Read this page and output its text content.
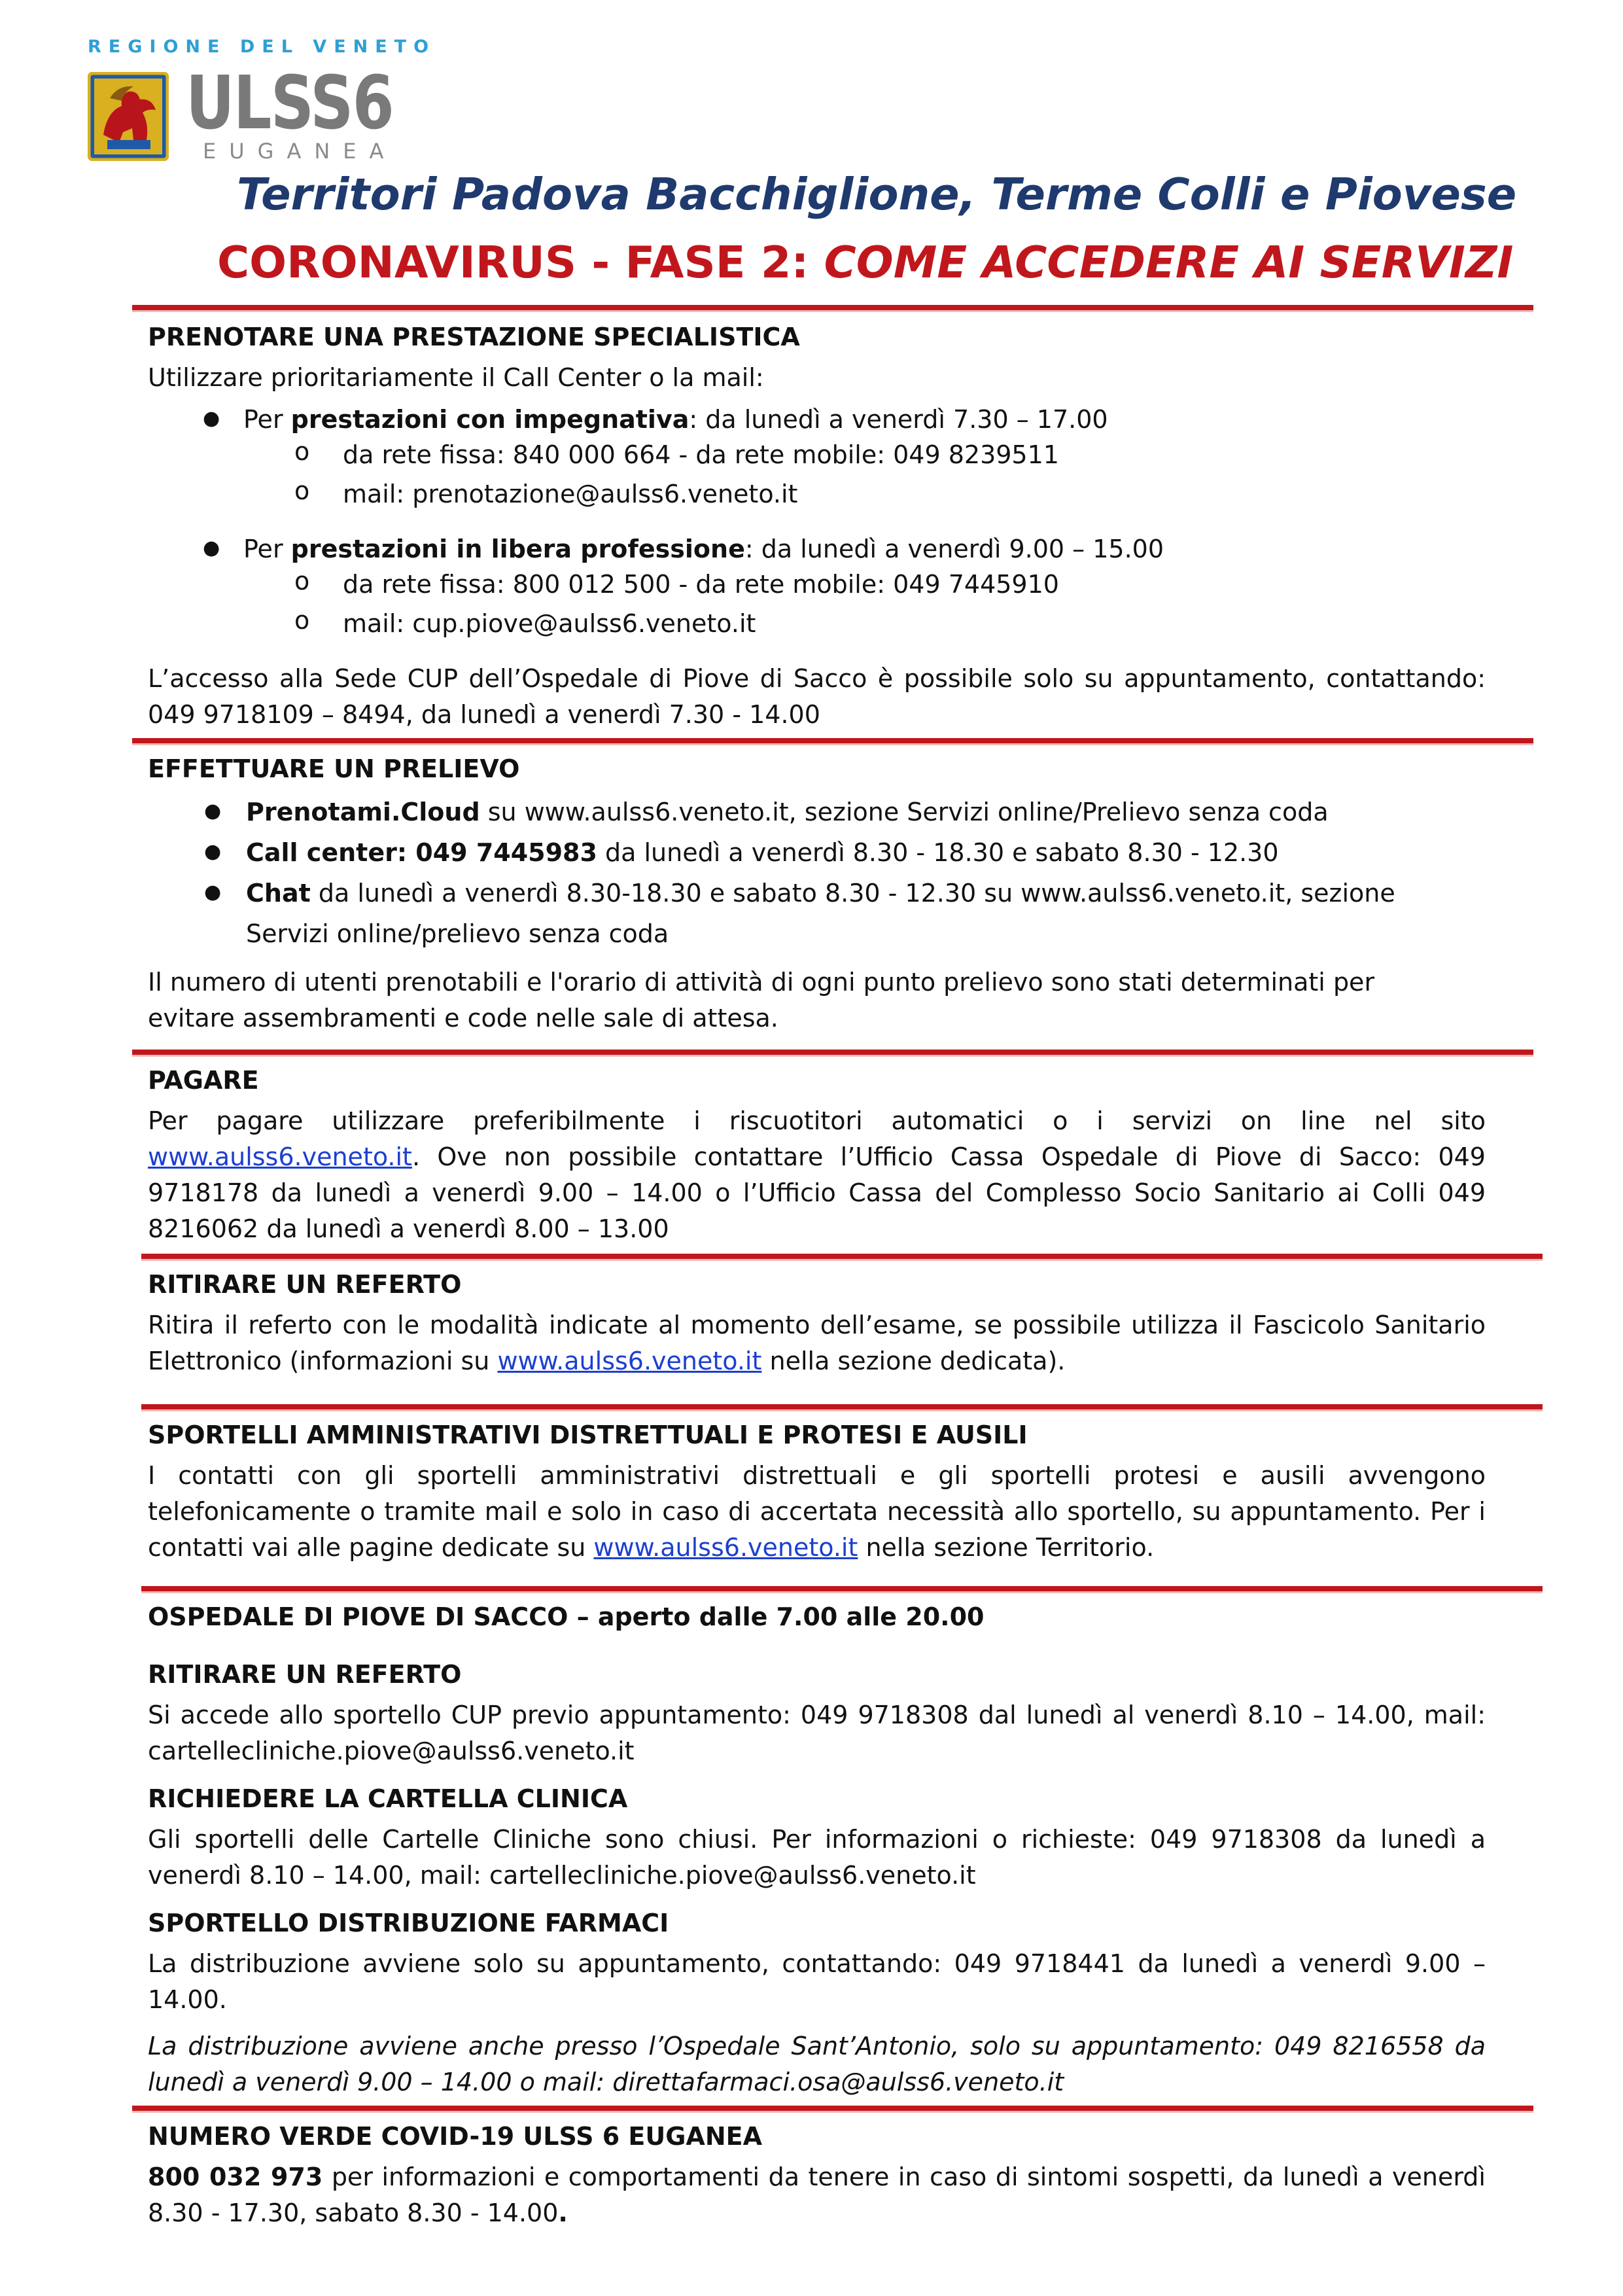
REGIONE DEL VENETO
ULSS6
EUGANEA
Territori Padova Bacchiglione, Terme Colli e Piovese
CORONAVIRUS - FASE 2: COME ACCEDERE AI SERVIZI
PRENOTARE UNA PRESTAZIONE SPECIALISTICA
Utilizzare prioritariamente il Call Center o la mail:
● Per prestazioni con impegnativa: da lunedì a venerdì 7.30 – 17.00
o da rete fissa: 840 000 664 - da rete mobile: 049 8239511
o mail: prenotazione@aulss6.veneto.it
● Per prestazioni in libera professione: da lunedì a venerdì 9.00 – 15.00
o da rete fissa: 800 012 500 - da rete mobile: 049 7445910
o mail: cup.piove@aulss6.veneto.it
L’accesso alla Sede CUP dell’Ospedale di Piove di Sacco è possibile solo su appuntamento, contattando: 049 9718109 – 8494, da lunedì a venerdì 7.30 - 14.00
EFFETTUARE UN PRELIEVO
● Prenotami.Cloud su www.aulss6.veneto.it, sezione Servizi online/Prelievo senza coda
● Call center: 049 7445983 da lunedì a venerdì 8.30 - 18.30 e sabato 8.30 - 12.30
● Chat da lunedì a venerdì 8.30-18.30 e sabato 8.30 - 12.30 su www.aulss6.veneto.it, sezione
Servizi online/prelievo senza coda
Il numero di utenti prenotabili e l'orario di attività di ogni punto prelievo sono stati determinati per evitare assembramenti e code nelle sale di attesa.
PAGARE
Per pagare utilizzare preferibilmente i riscuotitori automatici o i servizi on line nel sito www.aulss6.veneto.it. Ove non possibile contattare l’Ufficio Cassa Ospedale di Piove di Sacco: 049 9718178 da lunedì a venerdì 9.00 – 14.00 o l’Ufficio Cassa del Complesso Socio Sanitario ai Colli 049 8216062 da lunedì a venerdì 8.00 – 13.00
RITIRARE UN REFERTO
Ritira il referto con le modalità indicate al momento dell’esame, se possibile utilizza il Fascicolo Sanitario Elettronico (informazioni su www.aulss6.veneto.it nella sezione dedicata).
SPORTELLI AMMINISTRATIVI DISTRETTUALI E PROTESI E AUSILI
I contatti con gli sportelli amministrativi distrettuali e gli sportelli protesi e ausili avvengono telefonicamente o tramite mail e solo in caso di accertata necessità allo sportello, su appuntamento. Per i contatti vai alle pagine dedicate su www.aulss6.veneto.it nella sezione Territorio.
OSPEDALE DI PIOVE DI SACCO – aperto dalle 7.00 alle 20.00
RITIRARE UN REFERTO
Si accede allo sportello CUP previo appuntamento: 049 9718308 dal lunedì al venerdì 8.10 – 14.00, mail: cartellecliniche.piove@aulss6.veneto.it
RICHIEDERE LA CARTELLA CLINICA
Gli sportelli delle Cartelle Cliniche sono chiusi. Per informazioni o richieste: 049 9718308 da lunedì a venerdì 8.10 – 14.00, mail: cartellecliniche.piove@aulss6.veneto.it
SPORTELLO DISTRIBUZIONE FARMACI
La distribuzione avviene solo su appuntamento, contattando: 049 9718441 da lunedì a venerdì 9.00 – 14.00.
La distribuzione avviene anche presso l’Ospedale Sant’Antonio, solo su appuntamento: 049 8216558 da lunedì a venerdì 9.00 – 14.00 o mail: direttafarmaci.osa@aulss6.veneto.it
NUMERO VERDE COVID-19 ULSS 6 EUGANEA
800 032 973 per informazioni e comportamenti da tenere in caso di sintomi sospetti, da lunedì a venerdì 8.30 - 17.30, sabato 8.30 - 14.00.
